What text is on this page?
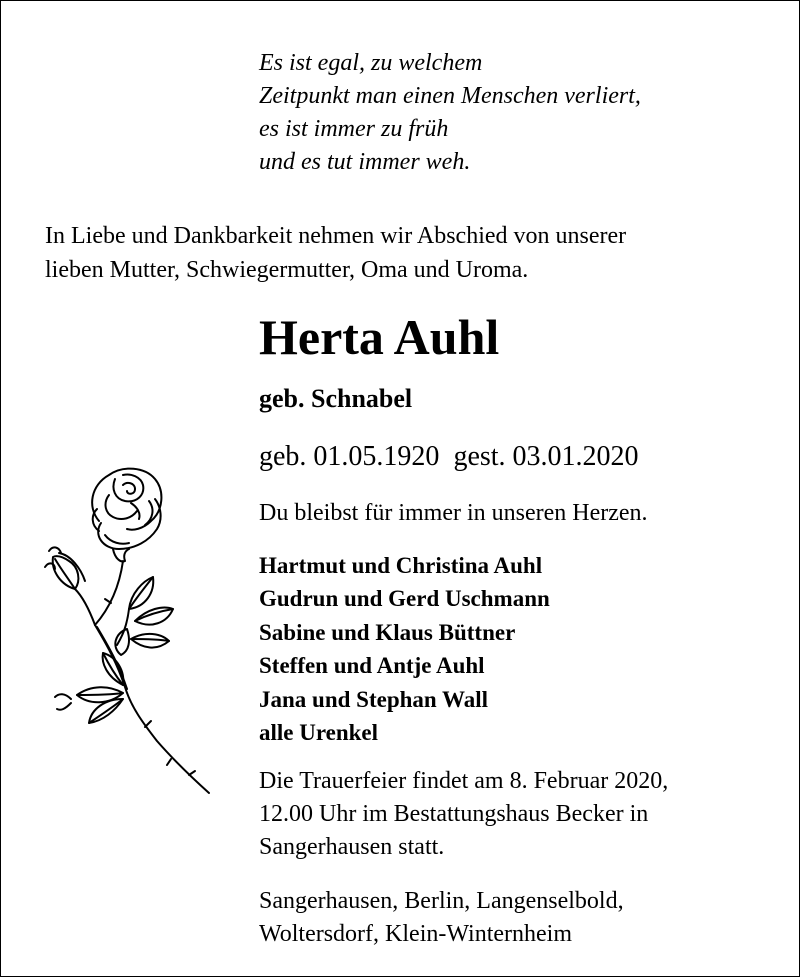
Es ist egal, zu welchem
Zeitpunkt man einen Menschen verliert,
es ist immer zu früh
und es tut immer weh.
In Liebe und Dankbarkeit nehmen wir Abschied von unserer
lieben Mutter, Schwiegermutter, Oma und Uroma.
Herta Auhl
geb. Schnabel
geb. 01.05.1920 gest. 03.01.2020
Du bleibst für immer in unseren Herzen.
Hartmut und Christina Auhl
Gudrun und Gerd Uschmann
Sabine und Klaus Büttner
Steffen und Antje Auhl
Jana und Stephan Wall
alle Urenkel
Die Trauerfeier findet am 8. Februar 2020,
12.00 Uhr im Bestattungshaus Becker in
Sangerhausen statt.
Sangerhausen, Berlin, Langenselbold,
Woltersdorf, Klein-Winternheim
